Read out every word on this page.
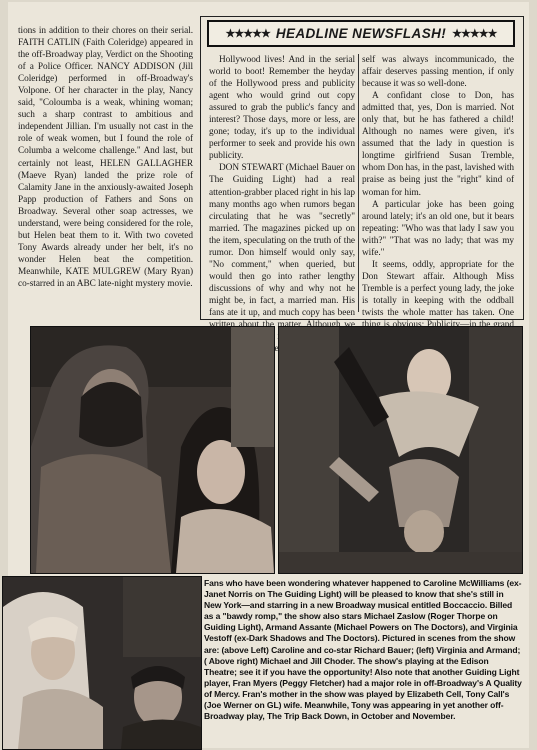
tions in addition to their chores on their serial. FAITH CATLIN (Faith Coleridge) appeared in the off-Broadway play, Verdict on the Shooting of a Police Officer. NANCY ADDISON (Jill Coleridge) performed in off-Broadway's Volpone. Of her character in the play, Nancy said, "Coloumba is a weak, whining woman; such a sharp contrast to ambitious and independent Jillian. I'm usually not cast in the role of weak women, but I found the role of Columba a welcome challenge." And last, but certainly not least, HELEN GALLAGHER (Maeve Ryan) landed the prize role of Calamity Jane in the anxiously-awaited Joseph Papp production of Fathers and Sons on Broadway. Several other soap actresses, we understand, were being considered for the role, but Helen beat them to it. With two coveted Tony Awards already under her belt, it's no wonder Helen beat the competition. Meanwhile, KATE MULGREW (Mary Ryan) co-starred in an ABC late-night mystery movie.

★★★★★ HEADLINE NEWSFLASH! ★★★★★

Hollywood lives! And in the serial world to boot! Remember the heyday of the Hollywood press and publicity agent who would grind out copy assured to grab the public's fancy and interest? Those days, more or less, are gone; today, it's up to the individual performer to seek and provide his own publicity.

DON STEWART (Michael Bauer on The Guiding Light) had a real attention-grabber placed right in his lap many months ago when rumors began circulating that he was "secretly" married. The magazines picked up on the item, speculating on the truth of the rumor. Don himself would only say, "No comment," when queried, but would then go into rather lengthy discussions of why and why not he might be, in fact, a married man. His fans ate it up, and much copy has been mere

self was always incommunicado, the affair deserves passing mention, if only because it was so well-done.

A confidant close to Don, has admitted that, yes, Don is married. Not only that, but he has fathered a child! Although no names were given, it's assumed that the lady in question is longtime girlfriend Susan Tremble, whom Don has, in the past, lavished with praise as being just the "right" kind of woman for him.

A particular joke has been going around lately; it's an old one, but it bears repeating: "Who was that lady I saw you with?" "That was no lady; that was my wife."

It seems, oddly, appropriate for the Don Stewart affair. Although Miss Tremble is a perfect young lady, the joke is totally in keeping with the oddball twists the whole matter has taken. One

Fans who have been wondering whatever happened to Caroline McWilliams (ex-Janet Norris on The Guiding Light) will be pleased to know that she's still in New York—and starring in a new Broadway musical entitled Boccaccio. Billed as a "bawdy romp," the show also stars Michael Zaslow (Roger Thorpe on Guiding Light), Armand Assante (Michael Powers on The Doctors), and Virginia Vestoff (ex-Dark Shadows and The Doctors). Pictured in scenes from the show are: (above Left) Caroline and co-star Richard Bauer; (left) Virginia and Armand; ( Above right) Michael and Jill Choder. The show's playing at the Edison Theatre; see it if you have the opportunity! Also note that another Guiding Light player, Fran Myers (Peggy Fletcher) had a major role in off-Broadway's A Quality of Mercy. Fran's mother in the show was played by Elizabeth Cell, Tony Call's (Joe Werner on GL) wife. Meanwhile, Tony was appearing in yet another off-Broadway play, The Trip Back Down, in October and November.
